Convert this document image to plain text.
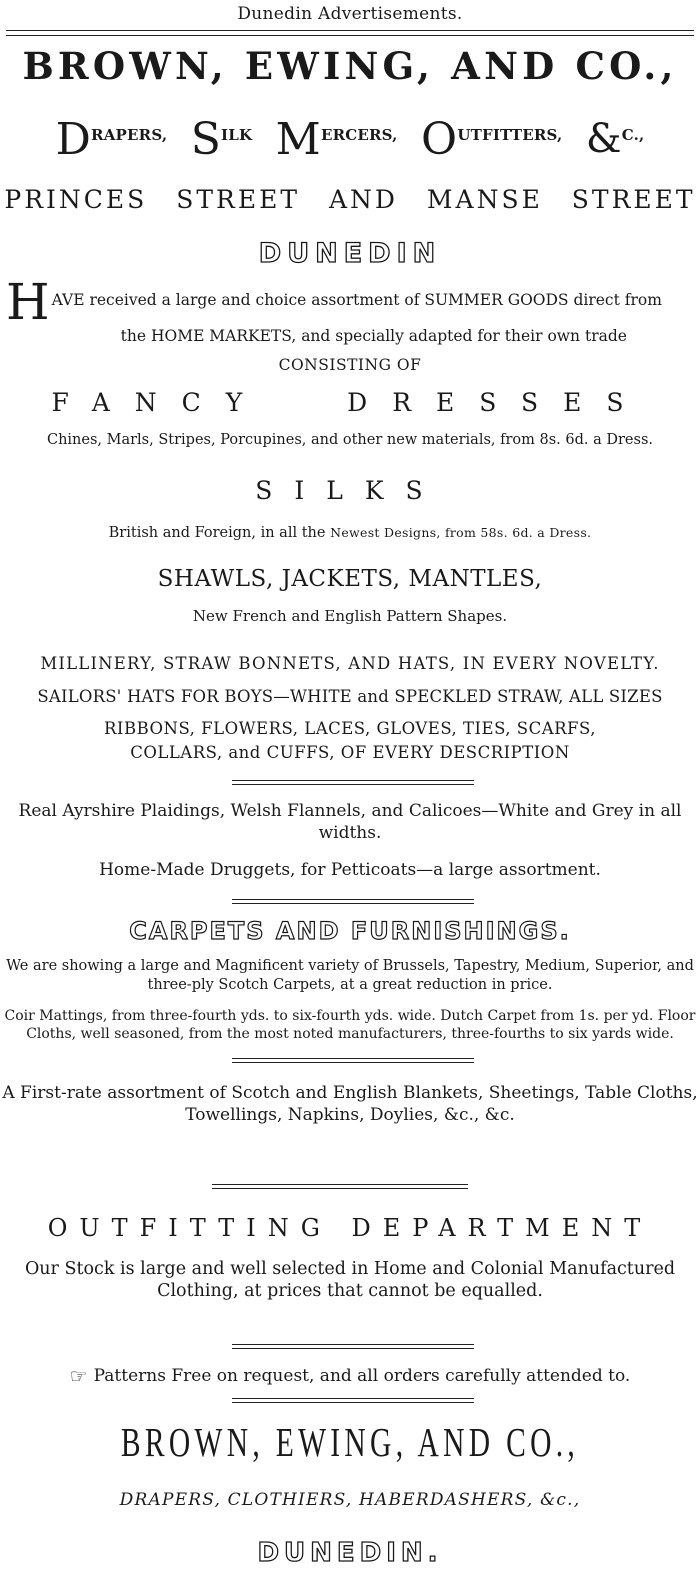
Dunedin Advertisements.
BROWN, EWING, AND CO.,
DRAPERS, SILK MERCERS, OUTFITTERS, &C.,
PRINCES STREET AND MANSE STREET
DUNEDIN
HAVE received a large and choice assortment of SUMMER GOODS direct from
the HOME MARKETS, and specially adapted for their own trade
CONSISTING OF
FANCY	DRESSES
Chines, Marls, Stripes, Porcupines, and other new materials, from 8s. 6d. a Dress.
SILKS
British and Foreign, in all the Newest Designs, from 58s. 6d. a Dress.
SHAWLS, JACKETS, MANTLES,
New French and English Pattern Shapes.
MILLINERY, STRAW BONNETS, AND HATS, IN EVERY NOVELTY.
SAILORS' HATS FOR BOYS—WHITE and SPECKLED STRAW, ALL SIZES
RIBBONS, FLOWERS, LACES, GLOVES, TIES, SCARFS,
COLLARS, and CUFFS, OF EVERY DESCRIPTION
Real Ayrshire Plaidings, Welsh Flannels, and Calicoes—White and Grey in all widths.
Home-Made Druggets, for Petticoats—a large assortment.
CARPETS AND FURNISHINGS.
We are showing a large and Magnificent variety of Brussels, Tapestry, Medium, Superior, and three-ply Scotch Carpets, at a great reduction in price.
Coir Mattings, from three-fourth yds. to six-fourth yds. wide. Dutch Carpet from 1s. per yd. Floor Cloths, well seasoned, from the most noted manufacturers, three-fourths to six yards wide.
A First-rate assortment of Scotch and English Blankets, Sheetings, Table Cloths, Towellings, Napkins, Doylies, &c., &c.
OUTFITTING DEPARTMENT
Our Stock is large and well selected in Home and Colonial Manufactured Clothing, at prices that cannot be equalled.
☞ Patterns Free on request, and all orders carefully attended to.
BROWN, EWING, AND CO.,
DRAPERS, CLOTHIERS, HABERDASHERS, &c.,
DUNEDIN.
